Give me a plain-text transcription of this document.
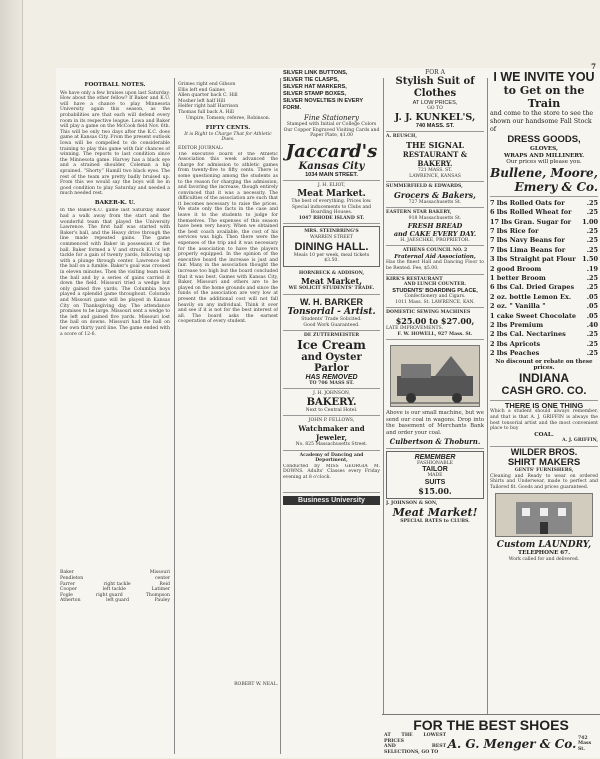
FOOTBALL NOTES.
We have only a few bruises upon last Saturday. How about the other fellow? If Baker and K.U. will have a chance to play Minnesota University again this season, as the probabilities are that each will defend every room in its respective league. Lowa and Baker will play a game on the McCook field Nov. 6th. This will be only two days after the K.C. does game at Kansas City. From the present outlook Iowa will be compelled to do considerable training to play this game with fair chances of winning. The reports to last condition since the Minnesota game. Harvey has a black eye and a strained shoulder, Coleman a hip sprained. “Shorty” Hamill two black eyes. The rest of the team are pretty badly bruised up. From this we would say the boys will be in good condition to play Saturday and needed a much needed rest.
BAKER-K. U.
In the Baker-K.U. game last Saturday Baker had a walk away from the start and the wonderful team that played the University Lawrence. The first half was started with Baker's ball, and the Heavy drive through the line made repeated gains. The game commenced with Baker in possession of the ball. Baker formed a V and struck K.U.'s left tackle for a gain of twenty yards, following up with a plunge through center. Lawrence lost the ball on a fumble. Baker's goal was crossed in eleven minutes. Then the visiting team took the ball and by a series of gains carried it down the field. Missouri tried a wedge but only gained five yards. The Columbia boys played a splendid game throughout. Colorado and Missouri game will be played in Kansas City on Thanksgiving day. The attendance promises to be large. Missouri sent a wedge to the left and gained five yards. Missouri lost the ball on downs. Missouri had the ball on her own thirty yard line. The game ended with a score of 12-6.
Baker	Missouri
Pendleton	center
Farrer	right tackle	Reid
Cooper	left tackle	Latimer
Fogle	right guard	Thompson
Atherton	left guard	Pauley
Grimes right end Gibson
Ellis left end Gaines
Allen quarter back C. Hill
Mosher left half Hill
Helfer right half Harrison
Thomas full back A. Hill
Umpire, Tomsen; referee, Robinson.
FIFTY CENTS.
It is Right to Charge That for Athletic Dues.
EDITOR JOURNAL:
The executive board of the Athletic Association this week advanced the charge for admission to athletic games from twenty-five to fifty cents. There is some questioning among the students as to the reason for charging the admission, and favoring the increase, though entirely convinced that it was a necessity. The difficulties of the association are such that it becomes necessary to raise the prices. We state only the facts in the case and leave it to the students to judge for themselves. The expenses of this season have been very heavy. When we obtained the best coach available, the cost of his services was high. Then there were the expenses of the trip and it was necessary for the association to have the players properly equipped. In the opinion of the executive board the increase is just and fair. Many in the association thought the increase too high but the board concluded that it was best. Games with Kansas City, Baker, Missouri and others are to be played on the home grounds and since the funds of the association are very low at present the additional cost will not fall heavily on any individual. Think it over and see if it is not for the best interest of all. The board asks the earnest cooperation of every student.
ROBERT W. NEAL.
SILVER LINK BUTTONS,
SILVER TIE CLASPS,
SILVER HAT MARKERS,
SILVER STAMP BOXES,
SILVER NOVELTIES IN EVERY
FORM.
Fine Stationery
Stamped with Initial or College Colors
Our Copper Engraved Visiting Cards and Paper Plate, $1.00
Jaccard's
Kansas City
1034 MAIN STREET.
J. H. ELIOT,
Meat Market.
The best of everything. Prices low. Special inducements to Clubs and Boarding Houses.
1047 RHODE ISLAND ST.
MRS. STEINBRING'S
WARREN STREET
DINING HALL.
Meals 10 per week, meal tickets $3.50.
HORNBECK & ADDISON,
Meat Market,
WE SOLICIT STUDENTS' TRADE.
W. H. BARKER
Tonsorial - Artist.
Students' Trade Solicited.
Good Work Guaranteed.
DE ZUTTERMEISTER
Ice Cream
and Oyster Parlor
HAS REMOVED
TO 706 MASS ST.
J. H. JOHNSON,
BAKERY.
Next to Central Hotel.
JOHN P. FELLOWS,
Watchmaker and Jeweler,
No. 825 Massachusetts Street.
Academy of Dancing and Deportment,
Conducted by MISS GEORGIA M. DOWNS. Adults' Classes every Friday evening at 8 o'clock.
Business University
FOR A
Stylish Suit of Clothes
AT LOW PRICES,
GO TO
J. J. KUNKEL'S,
740 MASS. ST.
A. REUSCH,
THE SIGNAL
RESTAURANT & BAKERY.
721 MASS. ST.
LAWRENCE, KANSAS
SUMMERFIELD & EDWARDS,
Grocers & Bakers,
727 Massachusetts St.
EASTERN STAR BAKERY,
918 Massachusetts St.
FRESH BREAD
and CAKE EVERY DAY.
H. JAESCHKE, PROPRIETOR.
ATHENS COUNCIL NO. 2
Fraternal Aid Association,
Has the finest Hall and Dancing Floor to be Rented. Fee, $5.00.
KIRK'S RESTAURANT
AND LUNCH COUNTER.
STUDENTS' BOARDING PLACE,
Confectionery and Cigars.
1011 Mass. St. LAWRENCE, KAN.
DOMESTIC SEWING MACHINES
$25.00 to $27.00,
LATE IMPROVEMENTS.
F. W. HOWELL, 927 Mass. St.
Above is our small machine, but we send our coal in wagons. Drop into the basement of Merchants Bank and order your coal.
Culbertson & Thoburn.
REMEMBER
FASHIONABLE
TAILOR
MADE
SUITS
$15.00.
J. JOHNSON & SON,
Meat Market!
SPECIAL RATES to CLUBS.
I WE INVITE YOU
to Get on the Train
and come to the store to see the shown our handsome Fall Stock of
DRESS GOODS,
GLOVES,
WRAPS AND MILLINERY.
Our prices will please you.
Bullene, Moore,
Emery & Co.
7 lbs Rolled Oats for	.25
6 lbs Rolled Wheat for .25
17 lbs Gran. Sugar for 1.00
7 lbs Rice for	.25
7 lbs Navy Beans for	.25
7 lbs Lima Beans for	.25
3 lbs Straight pat Flour 1.50
2 good Broom	.19
1 better Broom	.25
6 lbs Cal. Dried Grapes .25
2 oz. bottle Lemon Ex. .05
2 oz. " Vanilla "	.05
1 cake Sweet Chocolate .05
2 lbs Premium	.40
2 lbs Cal. Nectarines	.25
2 lbs Apricots	.25
2 lbs Peaches	.25
No discount or rebate on these prices.
INDIANA
CASH GRO. CO.
THERE IS ONE THING
Which a student should always remember, and that is that A. J. GRIFFIN is always the best tonsorial artist and the most convenient place to buy
COAL.
A. J. GRIFFIN,
WILDER BROS.
SHIRT MAKERS
GENTS' FURNISHERS,
Cleaning and Ready to wear on ordered Shirts and Underwear, made to perfect and Tailored fit. Goods and prices guaranteed.
Custom LAUNDRY,
TELEPHONE 67.
Work called for and delivered.
FOR THE BEST SHOES
AT THE LOWEST PRICES
AND BEST SELECTIONS, GO TO
A. G. Menger & Co. 742 Mass St.
7
